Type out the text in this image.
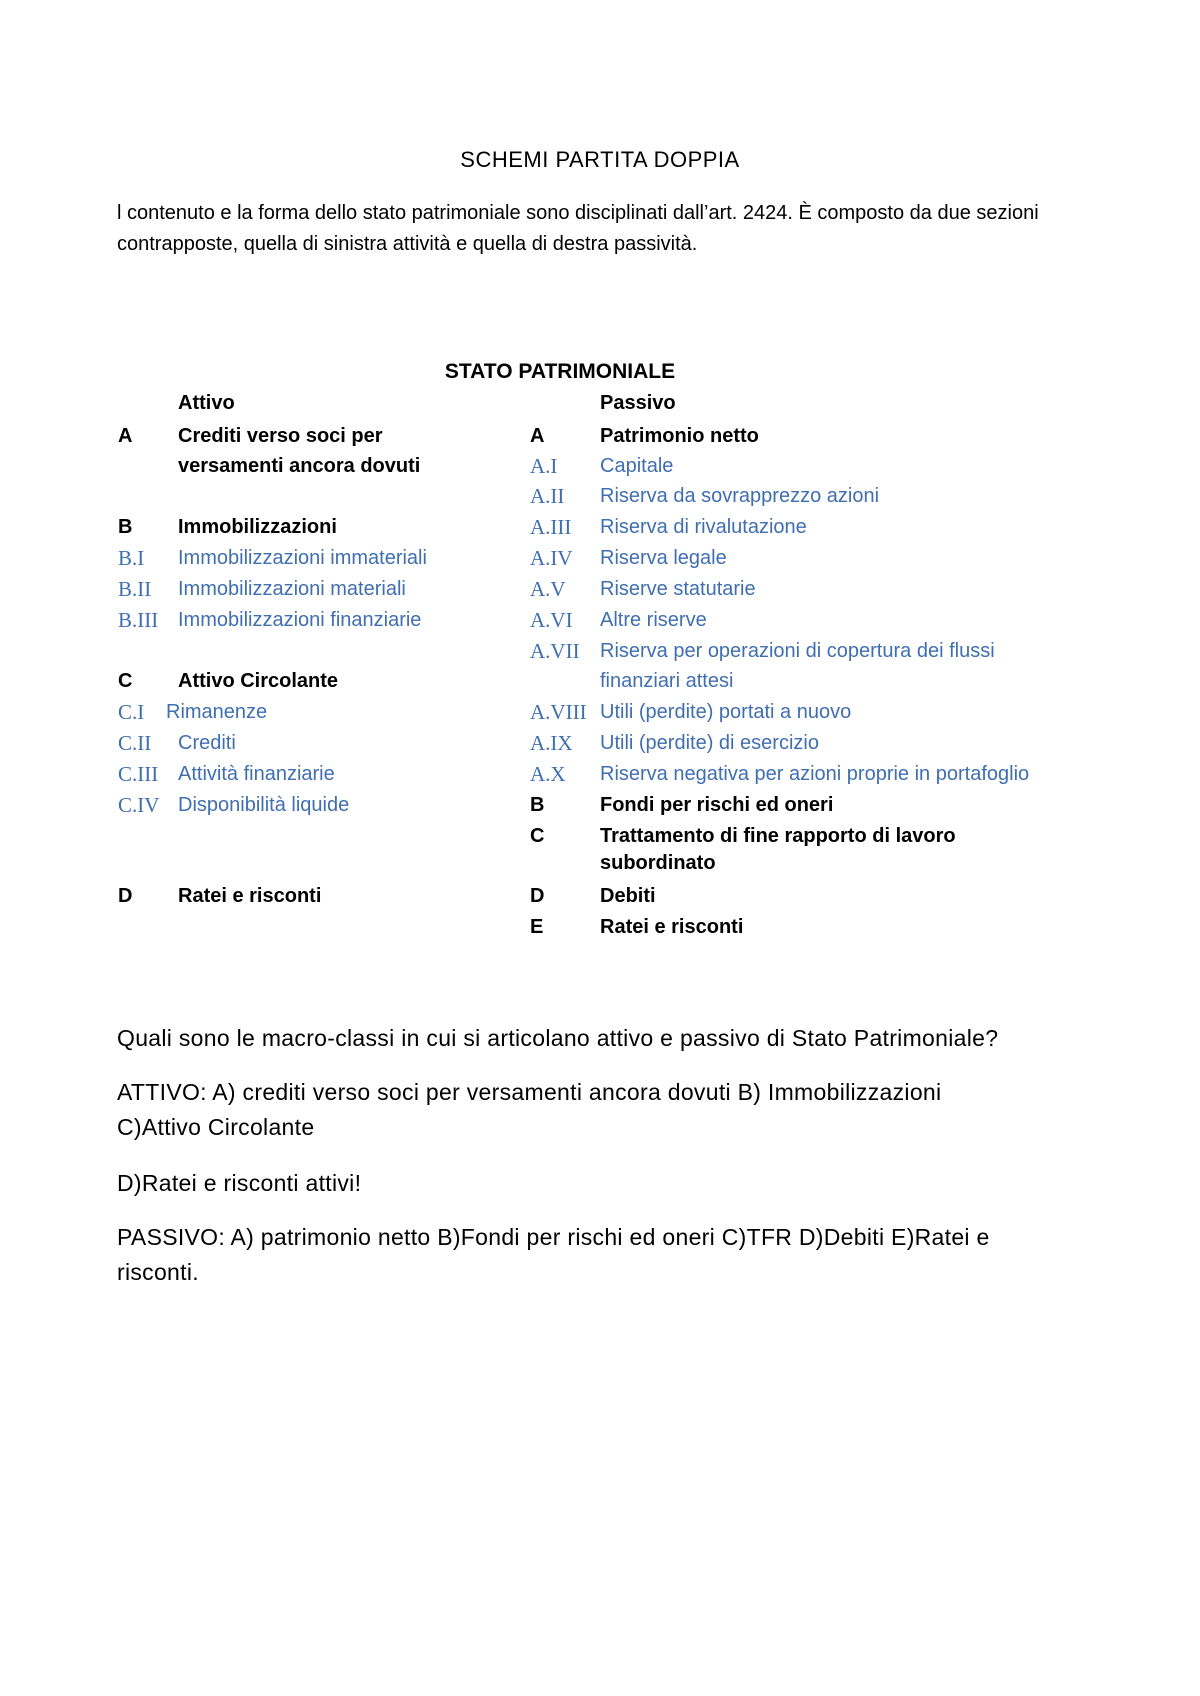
SCHEMI PARTITA DOPPIA
l contenuto e la forma dello stato patrimoniale sono disciplinati dall’art. 2424. È composto da due sezioni contrapposte, quella di sinistra attività e quella di destra passività.
STATO PATRIMONIALE
Attivo	Passivo
A Crediti verso soci per
versamenti ancora dovuti
B Immobilizzazioni
B.I Immobilizzazioni immateriali
B.II Immobilizzazioni materiali
B.III Immobilizzazioni finanziarie
C Attivo Circolante
C.I Rimanenze
C.II Crediti
C.III Attività finanziarie
C.IV Disponibilità liquide
D Ratei e risconti
A	Patrimonio netto
A.I Capitale
A.II Riserva da sovrapprezzo azioni
A.III Riserva di rivalutazione
A.IV Riserva legale
A.V Riserve statutarie
A.VI Altre riserve
A.VII Riserva per operazioni di copertura dei flussi
finanziari attesi
A.VIII Utili (perdite) portati a nuovo
A.IX Utili (perdite) di esercizio
A.X Riserva negativa per azioni proprie in portafoglio
B	Fondi per rischi ed oneri
C	Trattamento di fine rapporto di lavoro
subordinato
D	Debiti
E	Ratei e risconti
Quali sono le macro-classi in cui si articolano attivo e passivo di Stato Patrimoniale?
ATTIVO: A) crediti verso soci per versamenti ancora dovuti B) Immobilizzazioni
C)Attivo Circolante
D)Ratei e risconti attivi!
PASSIVO: A) patrimonio netto B)Fondi per rischi ed oneri C)TFR D)Debiti E)Ratei e
risconti.
